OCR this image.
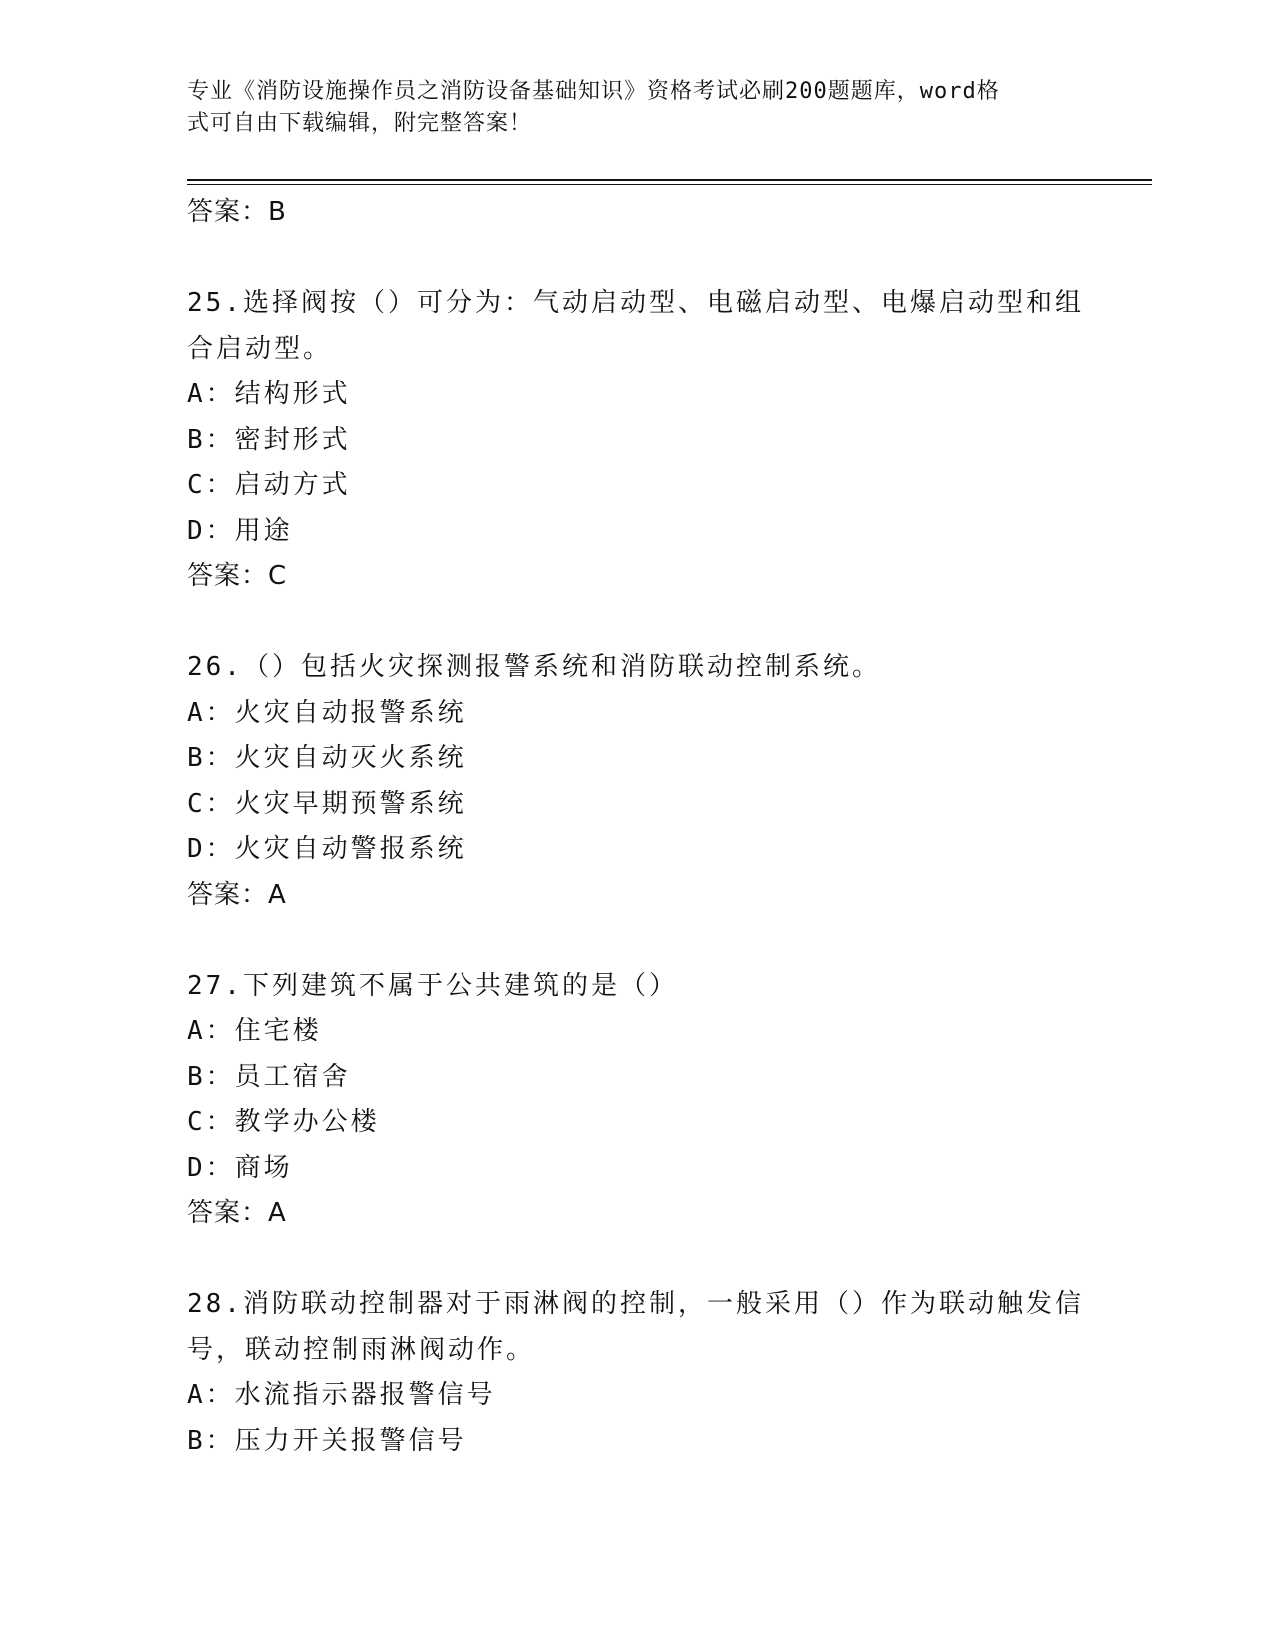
专业《消防设施操作员之消防设备基础知识》资格考试必刷200题题库，word格
式可自由下载编辑，附完整答案！
答案：B
25.选择阀按（）可分为：气动启动型、电磁启动型、电爆启动型和组
合启动型。
A：结构形式
B：密封形式
C：启动方式
D：用途
答案：C
26.（）包括火灾探测报警系统和消防联动控制系统。
A：火灾自动报警系统
B：火灾自动灭火系统
C：火灾早期预警系统
D：火灾自动警报系统
答案：A
27.下列建筑不属于公共建筑的是（）
A：住宅楼
B：员工宿舍
C：教学办公楼
D：商场
答案：A
28.消防联动控制器对于雨淋阀的控制，一般采用（）作为联动触发信
号，联动控制雨淋阀动作。
A：水流指示器报警信号
B：压力开关报警信号
